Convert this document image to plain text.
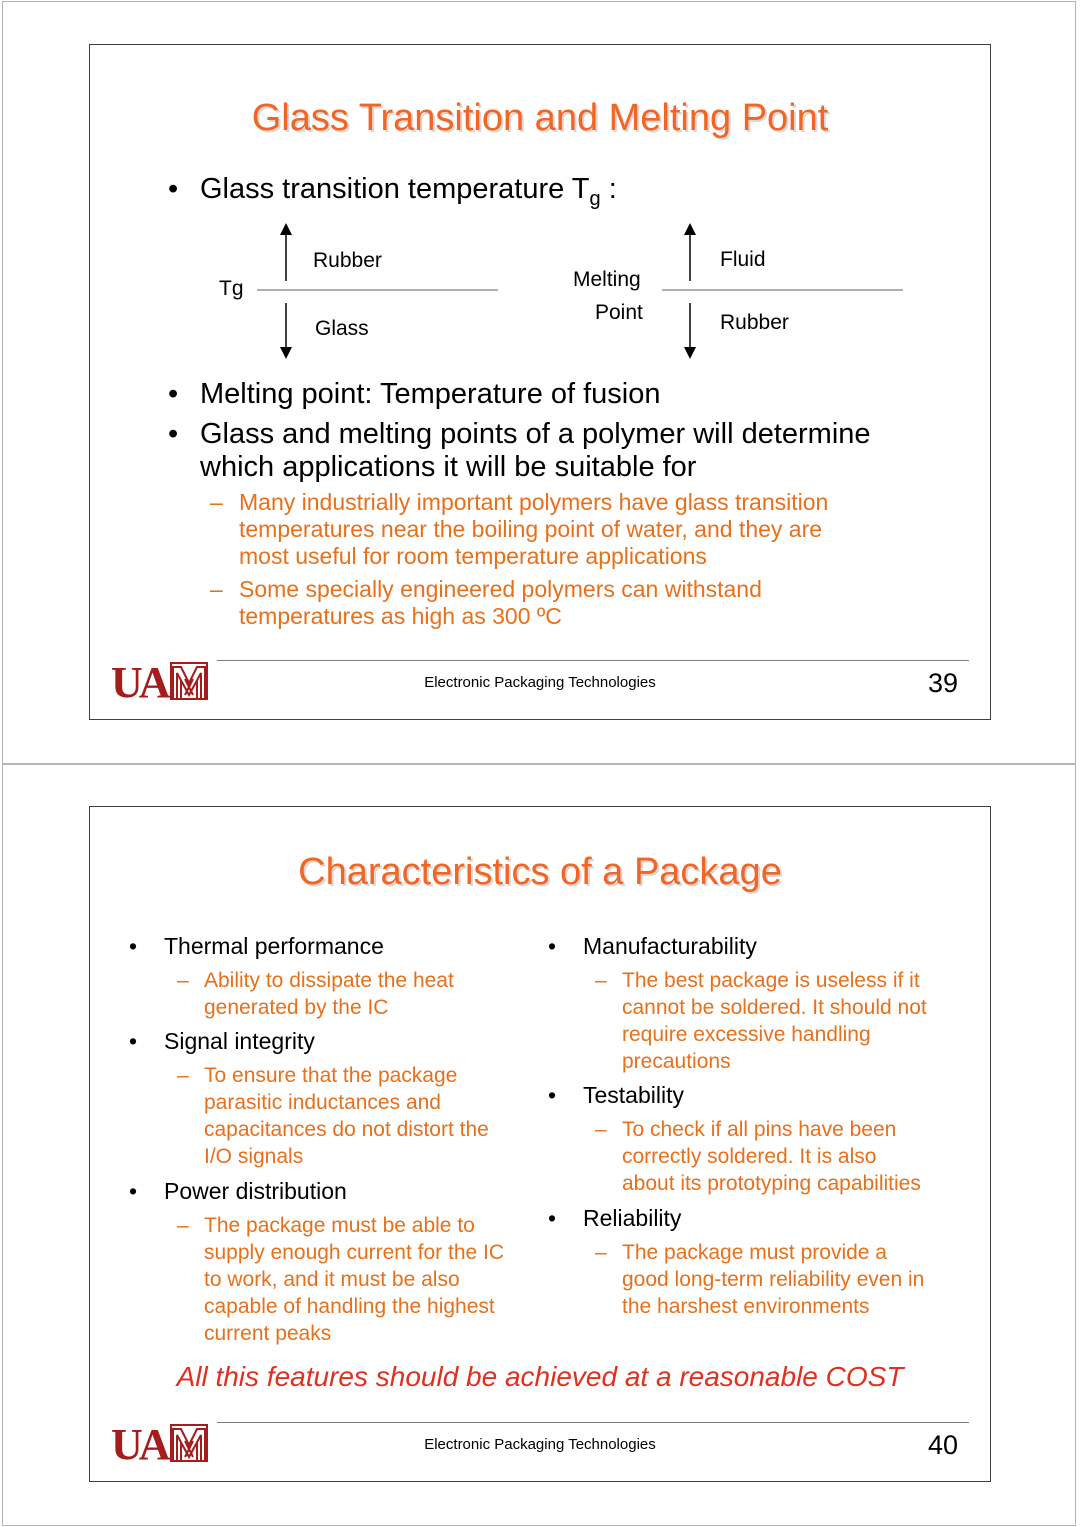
Glass Transition and Melting Point
• Glass transition temperature $T_g$ :
Tg
Rubber
Glass
Melting
Point
Fluid
Rubber
• Melting point: Temperature of fusion
• Glass and melting points of a polymer will determine
which applications it will be suitable for
– Many industrially important polymers have glass transition
temperatures near the boiling point of water, and they are
most useful for room temperature applications
– Some specially engineered polymers can withstand
temperatures as high as 300 ºC
UA	Electronic Packaging Technologies	39
Characteristics of a Package
• Thermal performance
– Ability to dissipate the heat
generated by the IC
• Signal integrity
– To ensure that the package
parasitic inductances and
capacitances do not distort the
I/O signals
• Power distribution
– The package must be able to
supply enough current for the IC
to work, and it must be also
capable of handling the highest
current peaks
• Manufacturability
– The best package is useless if it
cannot be soldered. It should not
require excessive handling
precautions
• Testability
– To check if all pins have been
correctly soldered. It is also
about its prototyping capabilities
• Reliability
– The package must provide a
good long-term reliability even in
the harshest environments
All this features should be achieved at a reasonable COST
UA	Electronic Packaging Technologies	40
